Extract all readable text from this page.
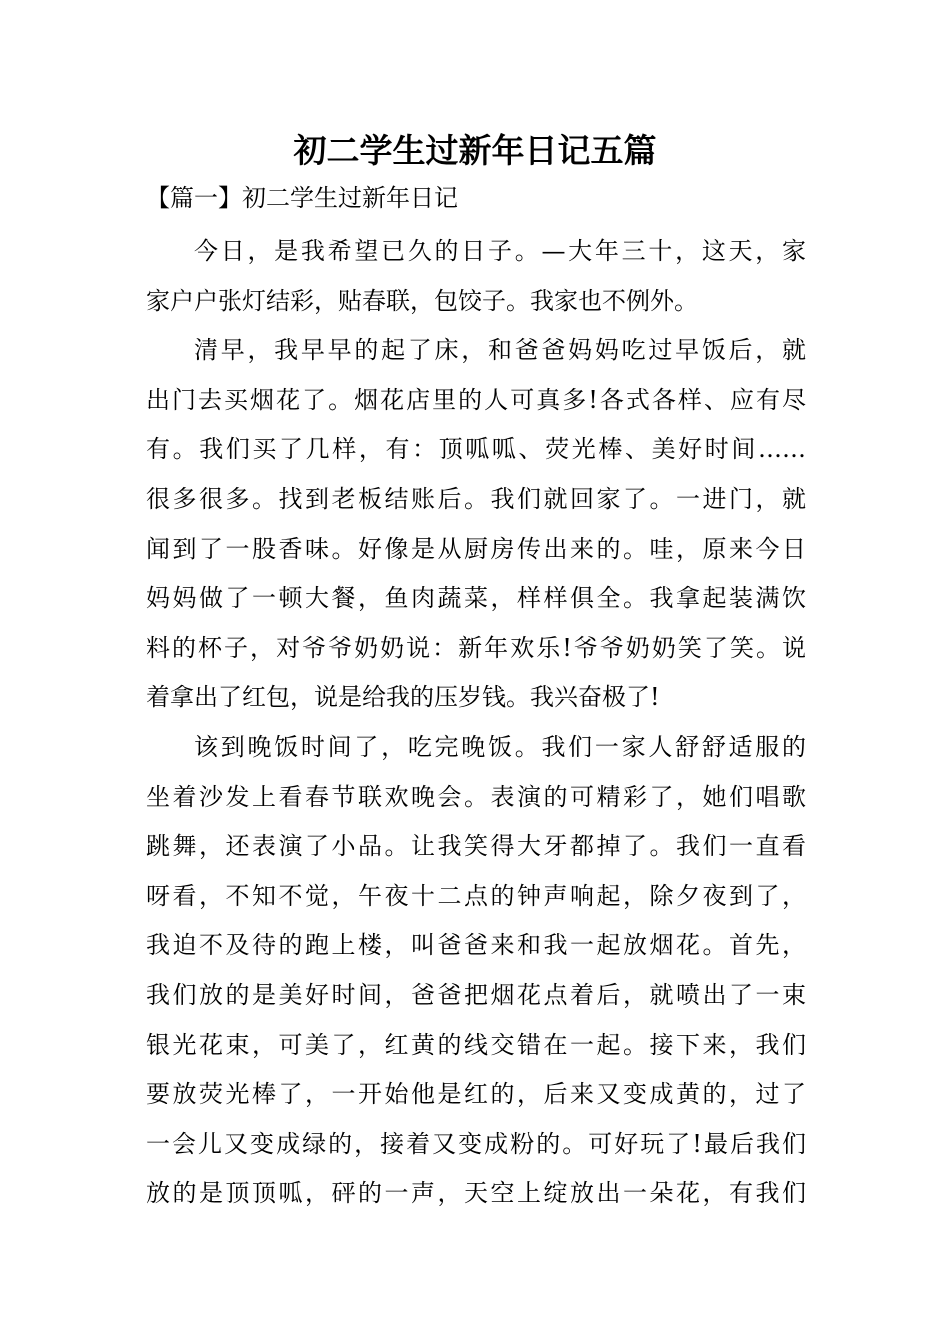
初二学生过新年日记五篇
【篇一】初二学生过新年日记
今日，是我希望已久的日子。—大年三十，这天，家
家户户张灯结彩，贴春联，包饺子。我家也不例外。
清早，我早早的起了床，和爸爸妈妈吃过早饭后，就
出门去买烟花了。烟花店里的人可真多!各式各样、应有尽
有。我们买了几样，有：顶呱呱、荧光棒、美好时间……
很多很多。找到老板结账后。我们就回家了。一进门，就
闻到了一股香味。好像是从厨房传出来的。哇，原来今日
妈妈做了一顿大餐，鱼肉蔬菜，样样俱全。我拿起装满饮
料的杯子，对爷爷奶奶说：新年欢乐!爷爷奶奶笑了笑。说
着拿出了红包，说是给我的压岁钱。我兴奋极了!
该到晚饭时间了，吃完晚饭。我们一家人舒舒适服的
坐着沙发上看春节联欢晚会。表演的可精彩了，她们唱歌
跳舞，还表演了小品。让我笑得大牙都掉了。我们一直看
呀看，不知不觉，午夜十二点的钟声响起，除夕夜到了，
我迫不及待的跑上楼，叫爸爸来和我一起放烟花。首先，
我们放的是美好时间，爸爸把烟花点着后，就喷出了一束
银光花束，可美了，红黄的线交错在一起。接下来，我们
要放荧光棒了，一开始他是红的，后来又变成黄的，过了
一会儿又变成绿的，接着又变成粉的。可好玩了!最后我们
放的是顶顶呱，砰的一声，天空上绽放出一朵花，有我们
